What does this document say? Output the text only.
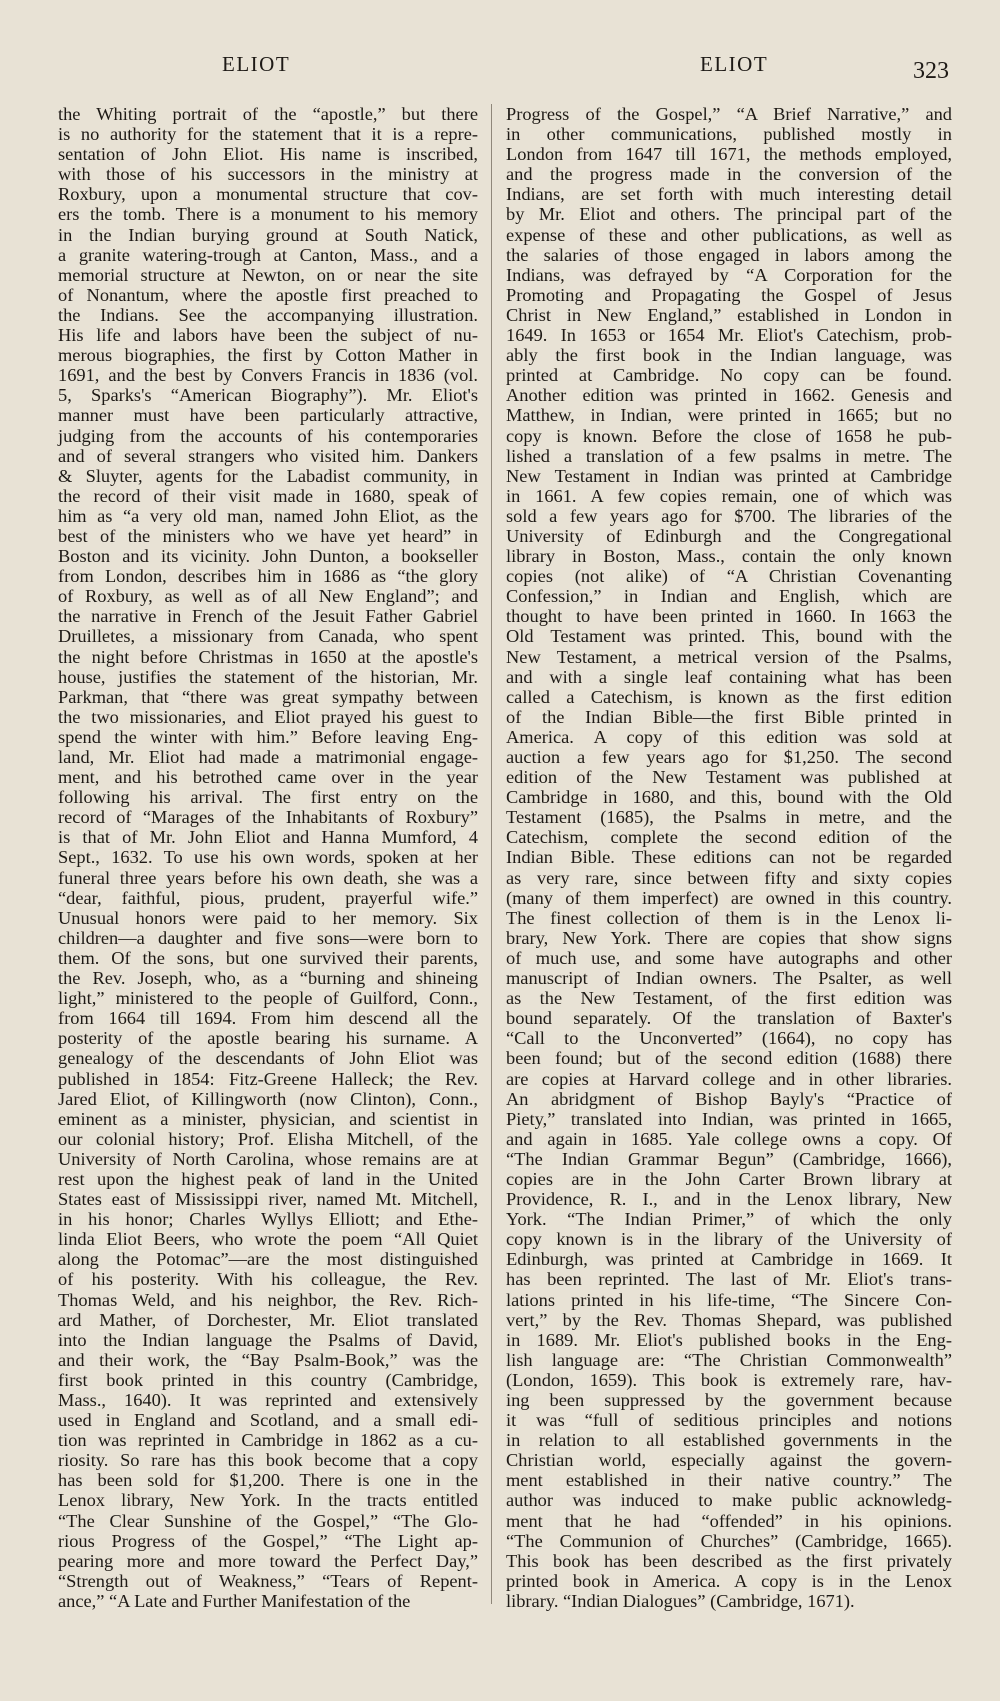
ELIOT	ELIOT	323
the Whiting portrait of the “apostle,” but there
is no authority for the statement that it is a repre-
sentation of John Eliot. His name is inscribed,
with those of his successors in the ministry at
Roxbury, upon a monumental structure that cov-
ers the tomb. There is a monument to his memory
in the Indian burying ground at South Natick,
a granite watering-trough at Canton, Mass., and a
memorial structure at Newton, on or near the site
of Nonantum, where the apostle first preached to
the Indians. See the accompanying illustration.
His life and labors have been the subject of nu-
merous biographies, the first by Cotton Mather in
1691, and the best by Convers Francis in 1836 (vol.
5, Sparks's “American Biography”). Mr. Eliot's
manner must have been particularly attractive,
judging from the accounts of his contemporaries
and of several strangers who visited him. Dankers
& Sluyter, agents for the Labadist community, in
the record of their visit made in 1680, speak of
him as “a very old man, named John Eliot, as the
best of the ministers who we have yet heard” in
Boston and its vicinity. John Dunton, a bookseller
from London, describes him in 1686 as “the glory
of Roxbury, as well as of all New England”; and
the narrative in French of the Jesuit Father Gabriel
Druilletes, a missionary from Canada, who spent
the night before Christmas in 1650 at the apostle's
house, justifies the statement of the historian, Mr.
Parkman, that “there was great sympathy between
the two missionaries, and Eliot prayed his guest to
spend the winter with him.” Before leaving Eng-
land, Mr. Eliot had made a matrimonial engage-
ment, and his betrothed came over in the year
following his arrival. The first entry on the
record of “Marages of the Inhabitants of Roxbury”
is that of Mr. John Eliot and Hanna Mumford, 4
Sept., 1632. To use his own words, spoken at her
funeral three years before his own death, she was a
“dear, faithful, pious, prudent, prayerful wife.”
Unusual honors were paid to her memory. Six
children—a daughter and five sons—were born to
them. Of the sons, but one survived their parents,
the Rev. Joseph, who, as a “burning and shineing
light,” ministered to the people of Guilford, Conn.,
from 1664 till 1694. From him descend all the
posterity of the apostle bearing his surname. A
genealogy of the descendants of John Eliot was
published in 1854: Fitz-Greene Halleck; the Rev.
Jared Eliot, of Killingworth (now Clinton), Conn.,
eminent as a minister, physician, and scientist in
our colonial history; Prof. Elisha Mitchell, of the
University of North Carolina, whose remains are at
rest upon the highest peak of land in the United
States east of Mississippi river, named Mt. Mitchell,
in his honor; Charles Wyllys Elliott; and Ethe-
linda Eliot Beers, who wrote the poem “All Quiet
along the Potomac”—are the most distinguished
of his posterity. With his colleague, the Rev.
Thomas Weld, and his neighbor, the Rev. Rich-
ard Mather, of Dorchester, Mr. Eliot translated
into the Indian language the Psalms of David,
and their work, the “Bay Psalm-Book,” was the
first book printed in this country (Cambridge,
Mass., 1640). It was reprinted and extensively
used in England and Scotland, and a small edi-
tion was reprinted in Cambridge in 1862 as a cu-
riosity. So rare has this book become that a copy
has been sold for $1,200. There is one in the
Lenox library, New York. In the tracts entitled
“The Clear Sunshine of the Gospel,” “The Glo-
rious Progress of the Gospel,” “The Light ap-
pearing more and more toward the Perfect Day,”
“Strength out of Weakness,” “Tears of Repent-
ance,” “A Late and Further Manifestation of the
Progress of the Gospel,” “A Brief Narrative,” and
in other communications, published mostly in
London from 1647 till 1671, the methods employed,
and the progress made in the conversion of the
Indians, are set forth with much interesting detail
by Mr. Eliot and others. The principal part of the
expense of these and other publications, as well as
the salaries of those engaged in labors among the
Indians, was defrayed by “A Corporation for the
Promoting and Propagating the Gospel of Jesus
Christ in New England,” established in London in
1649. In 1653 or 1654 Mr. Eliot's Catechism, prob-
ably the first book in the Indian language, was
printed at Cambridge. No copy can be found.
Another edition was printed in 1662. Genesis and
Matthew, in Indian, were printed in 1665; but no
copy is known. Before the close of 1658 he pub-
lished a translation of a few psalms in metre. The
New Testament in Indian was printed at Cambridge
in 1661. A few copies remain, one of which was
sold a few years ago for $700. The libraries of the
University of Edinburgh and the Congregational
library in Boston, Mass., contain the only known
copies (not alike) of “A Christian Covenanting
Confession,” in Indian and English, which are
thought to have been printed in 1660. In 1663 the
Old Testament was printed. This, bound with the
New Testament, a metrical version of the Psalms,
and with a single leaf containing what has been
called a Catechism, is known as the first edition
of the Indian Bible—the first Bible printed in
America. A copy of this edition was sold at
auction a few years ago for $1,250. The second
edition of the New Testament was published at
Cambridge in 1680, and this, bound with the Old
Testament (1685), the Psalms in metre, and the
Catechism, complete the second edition of the
Indian Bible. These editions can not be regarded
as very rare, since between fifty and sixty copies
(many of them imperfect) are owned in this country.
The finest collection of them is in the Lenox li-
brary, New York. There are copies that show signs
of much use, and some have autographs and other
manuscript of Indian owners. The Psalter, as well
as the New Testament, of the first edition was
bound separately. Of the translation of Baxter's
“Call to the Unconverted” (1664), no copy has
been found; but of the second edition (1688) there
are copies at Harvard college and in other libraries.
An abridgment of Bishop Bayly's “Practice of
Piety,” translated into Indian, was printed in 1665,
and again in 1685. Yale college owns a copy. Of
“The Indian Grammar Begun” (Cambridge, 1666),
copies are in the John Carter Brown library at
Providence, R. I., and in the Lenox library, New
York. “The Indian Primer,” of which the only
copy known is in the library of the University of
Edinburgh, was printed at Cambridge in 1669. It
has been reprinted. The last of Mr. Eliot's trans-
lations printed in his life-time, “The Sincere Con-
vert,” by the Rev. Thomas Shepard, was published
in 1689. Mr. Eliot's published books in the Eng-
lish language are: “The Christian Commonwealth”
(London, 1659). This book is extremely rare, hav-
ing been suppressed by the government because
it was “full of seditious principles and notions
in relation to all established governments in the
Christian world, especially against the govern-
ment established in their native country.” The
author was induced to make public acknowledg-
ment that he had “offended” in his opinions.
“The Communion of Churches” (Cambridge, 1665).
This book has been described as the first privately
printed book in America. A copy is in the Lenox
library. “Indian Dialogues” (Cambridge, 1671).
